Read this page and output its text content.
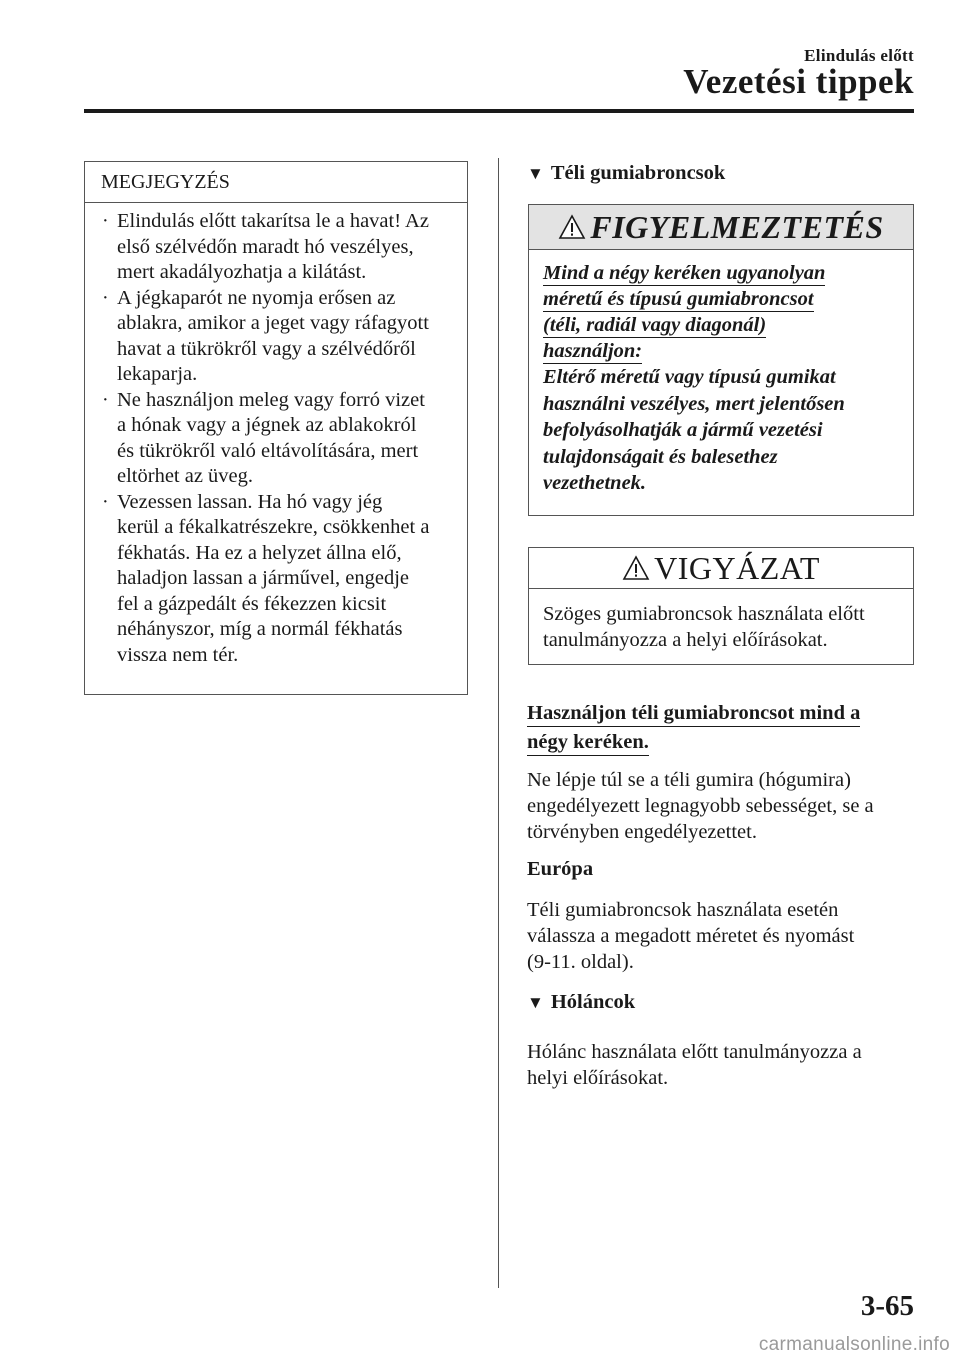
Elindulás előtt
Vezetési tippek
MEGJEGYZÉS
· Elindulás előtt takarítsa le a havat! Az
első szélvédőn maradt hó veszélyes,
mert akadályozhatja a kilátást.
· A jégkaparót ne nyomja erősen az
ablakra, amikor a jeget vagy ráfagyott
havat a tükrökről vagy a szélvédőről
lekaparja.
· Ne használjon meleg vagy forró vizet
a hónak vagy a jégnek az ablakokról
és tükrökről való eltávolítására, mert
eltörhet az üveg.
· Vezessen lassan. Ha hó vagy jég
kerül a fékalkatrészekre, csökkenhet a
fékhatás. Ha ez a helyzet állna elő,
haladjon lassan a járművel, engedje
fel a gázpedált és fékezzen kicsit
néhányszor, míg a normál fékhatás
vissza nem tér.
▼ Téli gumiabroncsok
FIGYELMEZTETÉS
Mind a négy keréken ugyanolyan
méretű és típusú gumiabroncsot
(téli, radiál vagy diagonál)
használjon:
Eltérő méretű vagy típusú gumikat
használni veszélyes, mert jelentősen
befolyásolhatják a jármű vezetési
tulajdonságait és balesethez
vezethetnek.
VIGYÁZAT
Szöges gumiabroncsok használata előtt
tanulmányozza a helyi előírásokat.
Használjon téli gumiabroncsot mind a
négy keréken.
Ne lépje túl se a téli gumira (hógumira)
engedélyezett legnagyobb sebességet, se a
törvényben engedélyezettet.
Európa
Téli gumiabroncsok használata esetén
válassza a megadott méretet és nyomást
(9-11. oldal).
▼ Hóláncok
Hólánc használata előtt tanulmányozza a
helyi előírásokat.
3-65
carmanualsonline.info
